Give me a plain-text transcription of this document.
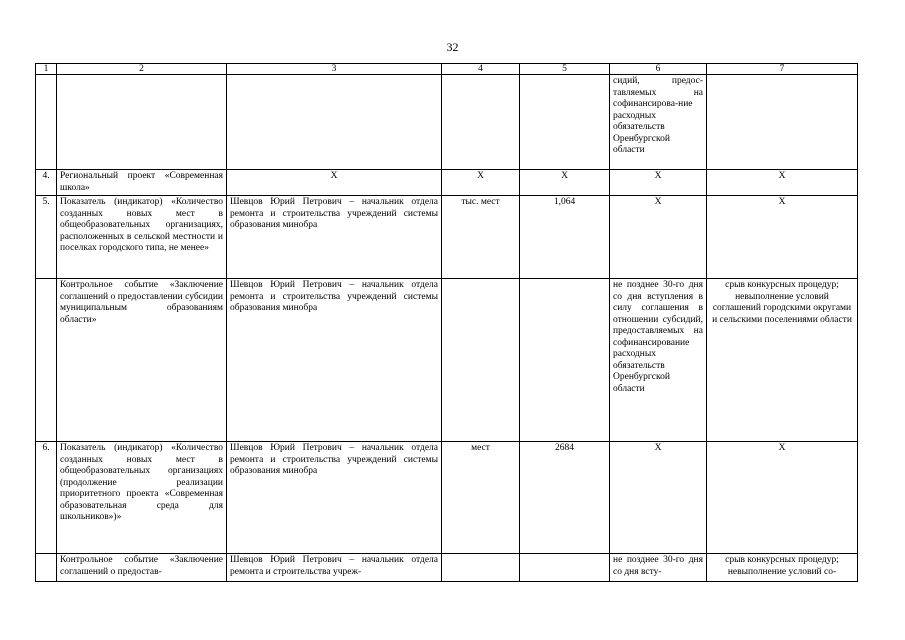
32
1	2	3	4	5	6	7
					сидий, предос-тавляемых на софинансирова-ние расходных обязательств Оренбургской области	
4.	Региональный проект «Современная школа»	Х	Х	Х	Х	Х
5.	Показатель (индикатор) «Количество созданных новых мест в общеобразовательных организациях, расположенных в сельской местности и поселках городского типа, не менее»	Шевцов Юрий Петрович – начальник отдела ремонта и строительства учреждений системы образования минобра	тыс. мест	1,064	Х	Х
	Контрольное событие «Заключение соглашений о предоставлении субсидии муниципальным образованиям области»	Шевцов Юрий Петрович – начальник отдела ремонта и строительства учреждений системы образования минобра			не позднее 30-го дня со дня вступления в силу соглашения в отношении субсидий, предоставляемых на софинансирование расходных обязательств Оренбургской области	срыв конкурсных процедур; невыполнение условий соглашений городскими округами и сельскими поселениями области
6.	Показатель (индикатор) «Количество созданных новых мест в общеобразовательных организациях (продолжение реализации приоритетного проекта «Современная образовательная среда для школьников»)»	Шевцов Юрий Петрович – начальник отдела ремонта и строительства учреждений системы образования минобра	мест	2684	Х	Х
	Контрольное событие «Заключение соглашений о предостав-	Шевцов Юрий Петрович – начальник отдела ремонта и строительства учреж-			не позднее 30-го дня со дня всту-	срыв конкурсных процедур; невыполнение условий со-
